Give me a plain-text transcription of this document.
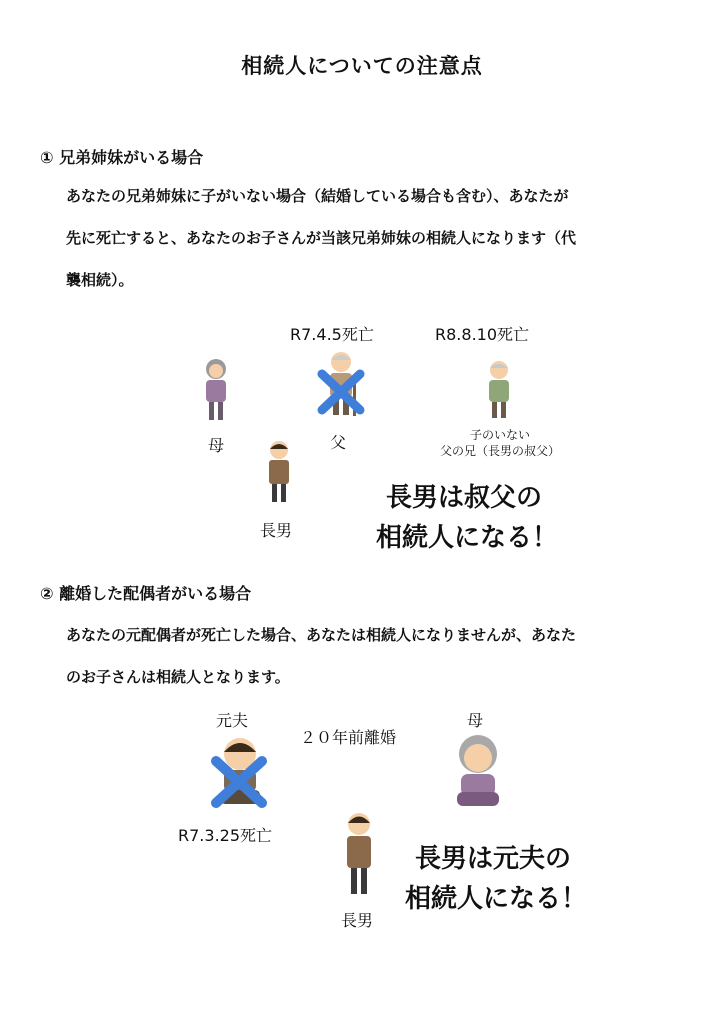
相続人についての注意点
① 兄弟姉妹がいる場合
あなたの兄弟姉妹に子がいない場合（結婚している場合も含む）、あなたが
先に死亡すると、あなたのお子さんが当該兄弟姉妹の相続人になります（代
襲相続）。
R7.4.5死亡	R8.8.10死亡
母	父	子のいない
父の兄（長男の叔父）
長男
長男は叔父の
相続人になる！
② 離婚した配偶者がいる場合
あなたの元配偶者が死亡した場合、あなたは相続人になりませんが、あなた
のお子さんは相続人となります。
元夫
２０年前離婚
母
R7.3.25死亡
長男
長男は元夫の
相続人になる！
